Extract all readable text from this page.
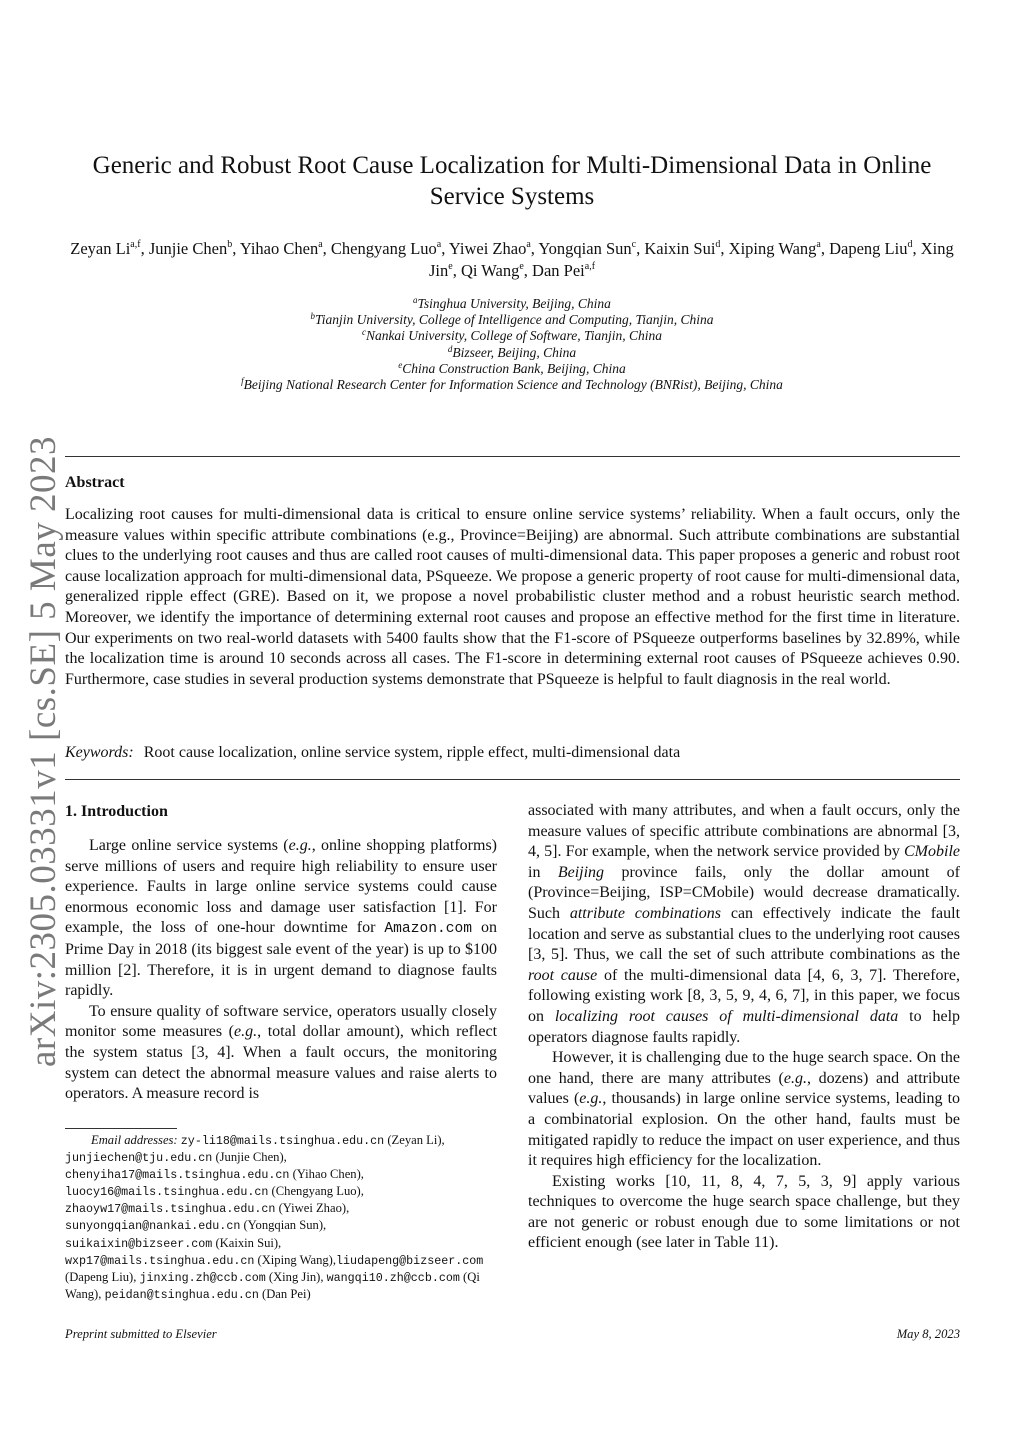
arXiv:2305.03331v1 [cs.SE] 5 May 2023
Generic and Robust Root Cause Localization for Multi-Dimensional Data in Online Service Systems
Zeyan Li$^{a,f}$, Junjie Chen$^b$, Yihao Chen$^a$, Chengyang Luo$^a$, Yiwei Zhao$^a$, Yongqian Sun$^c$, Kaixin Sui$^d$, Xiping Wang$^a$, Dapeng Liu$^d$, Xing Jin$^e$, Qi Wang$^e$, Dan Pei$^{a,f}$
$^a$Tsinghua University, Beijing, China
$^b$Tianjin University, College of Intelligence and Computing, Tianjin, China
$^c$Nankai University, College of Software, Tianjin, China
$^d$Bizseer, Beijing, China
$^e$China Construction Bank, Beijing, China
$^f$Beijing National Research Center for Information Science and Technology (BNRist), Beijing, China
Abstract

Localizing root causes for multi-dimensional data is critical to ensure online service systems’ reliability. When a fault occurs, only the measure values within specific attribute combinations (e.g., Province=Beijing) are abnormal. Such attribute combinations are substantial clues to the underlying root causes and thus are called root causes of multi-dimensional data. This paper proposes a generic and robust root cause localization approach for multi-dimensional data, PSqueeze. We propose a generic property of root cause for multi-dimensional data, generalized ripple effect (GRE). Based on it, we propose a novel probabilistic cluster method and a robust heuristic search method. Moreover, we identify the importance of determining external root causes and propose an effective method for the first time in literature. Our experiments on two real-world datasets with 5400 faults show that the F1-score of PSqueeze outperforms baselines by 32.89%, while the localization time is around 10 seconds across all cases. The F1-score in determining external root causes of PSqueeze achieves 0.90. Furthermore, case studies in several production systems demonstrate that PSqueeze is helpful to fault diagnosis in the real world.

Keywords: Root cause localization, online service system, ripple effect, multi-dimensional data
1. Introduction

Large online service systems (e.g., online shopping platforms) serve millions of users and require high reliability to ensure user experience. Faults in large online service systems could cause enormous economic loss and damage user satisfaction [1]. For example, the loss of one-hour downtime for Amazon.com on Prime Day in 2018 (its biggest sale event of the year) is up to $100 million [2]. Therefore, it is in urgent demand to diagnose faults rapidly.

To ensure quality of software service, operators usually closely monitor some measures (e.g., total dollar amount), which reflect the system status [3, 4]. When a fault occurs, the monitoring system can detect the abnormal measure values and raise alerts to operators. A measure record is

associated with many attributes, and when a fault occurs, only the measure values of specific attribute combinations are abnormal [3, 4, 5]. For example, when the network service provided by CMobile in Beijing province fails, only the dollar amount of (Province=Beijing, ISP=CMobile) would decrease dramatically. Such attribute combinations can effectively indicate the fault location and serve as substantial clues to the underlying root causes [3, 5]. Thus, we call the set of such attribute combinations as the root cause of the multi-dimensional data [4, 6, 3, 7]. Therefore, following existing work [8, 3, 5, 9, 4, 6, 7], in this paper, we focus on localizing root causes of multi-dimensional data to help operators diagnose faults rapidly.

However, it is challenging due to the huge search space. On the one hand, there are many attributes (e.g., dozens) and attribute values (e.g., thousands) in large online service systems, leading to a combinatorial explosion. On the other hand, faults must be mitigated rapidly to reduce the impact on user experience, and thus it requires high efficiency for the localization.

Existing works [10, 11, 8, 4, 7, 5, 3, 9] apply various techniques to overcome the huge search space challenge, but they are not generic or robust enough due to some limitations or not efficient enough (see later in Table 11).

Email addresses: zy-li18@mails.tsinghua.edu.cn (Zeyan Li),
junjiechen@tju.edu.cn (Junjie Chen),
chenyiha17@mails.tsinghua.edu.cn (Yihao Chen),
luocy16@mails.tsinghua.edu.cn (Chengyang Luo),
zhaoyw17@mails.tsinghua.edu.cn (Yiwei Zhao),
sunyongqian@nankai.edu.cn (Yongqian Sun),
suikaixin@bizseer.com (Kaixin Sui),
wxp17@mails.tsinghua.edu.cn (Xiping Wang),liudapeng@bizseer.com (Dapeng Liu), jinxing.zh@ccb.com (Xing Jin), wangqi10.zh@ccb.com (Qi Wang), peidan@tsinghua.edu.cn (Dan Pei)
Preprint submitted to Elsevier	May 8, 2023
